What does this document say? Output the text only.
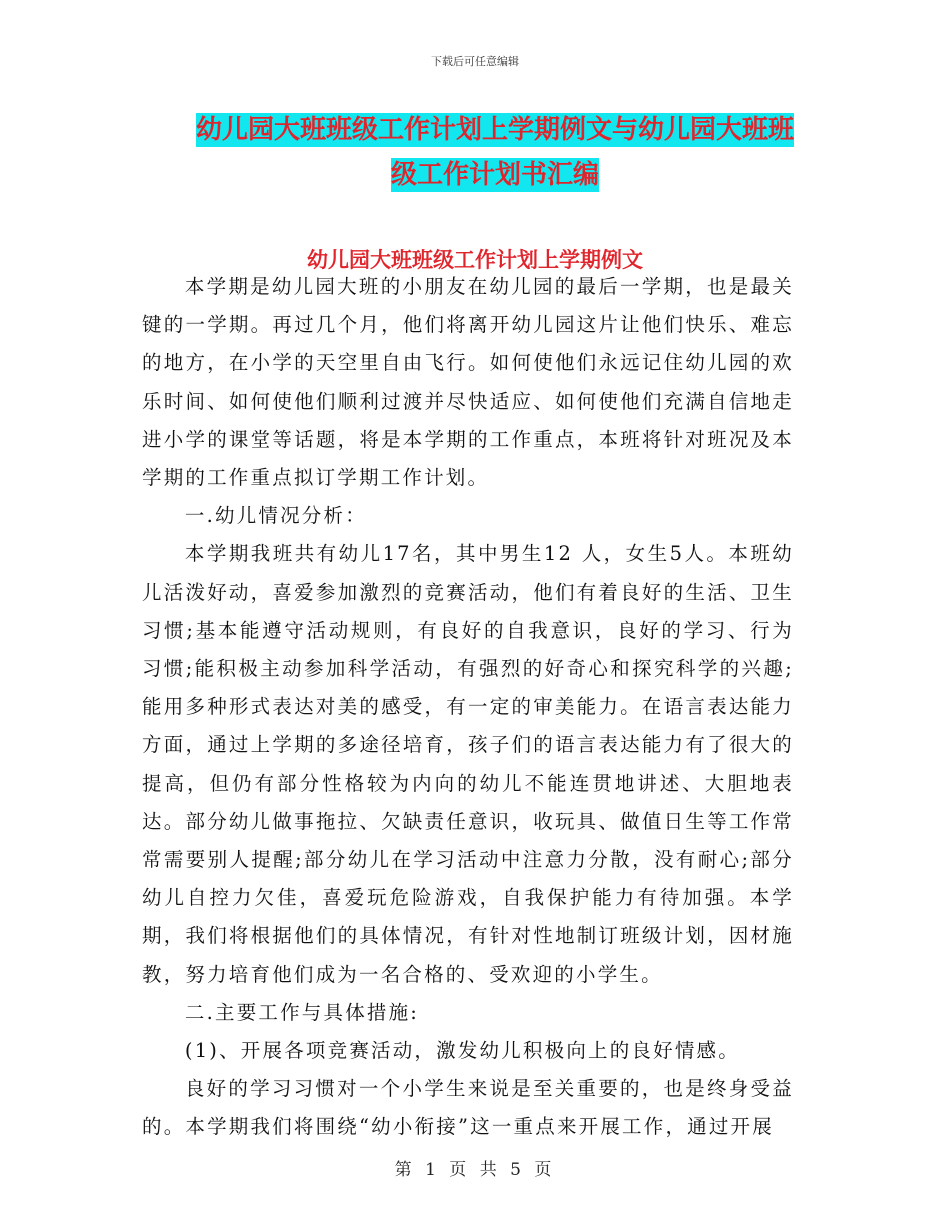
下载后可任意编辑
幼儿园大班班级工作计划上学期例文与幼儿园大班班
级工作计划书汇编
幼儿园大班班级工作计划上学期例文

本学期是幼儿园大班的小朋友在幼儿园的最后一学期，也是最关键的一学期。再过几个月，他们将离开幼儿园这片让他们快乐、难忘的地方，在小学的天空里自由飞行。如何使他们永远记住幼儿园的欢乐时间、如何使他们顺利过渡并尽快适应、如何使他们充满自信地走进小学的课堂等话题，将是本学期的工作重点，本班将针对班况及本学期的工作重点拟订学期工作计划。

一.幼儿情况分析：

本学期我班共有幼儿17名，其中男生12 人，女生5人。本班幼儿活泼好动，喜爱参加激烈的竞赛活动，他们有着良好的生活、卫生习惯;基本能遵守活动规则，有良好的自我意识，良好的学习、行为习惯;能积极主动参加科学活动，有强烈的好奇心和探究科学的兴趣;能用多种形式表达对美的感受，有一定的审美能力。在语言表达能力方面，通过上学期的多途径培育，孩子们的语言表达能力有了很大的提高，但仍有部分性格较为内向的幼儿不能连贯地讲述、大胆地表达。部分幼儿做事拖拉、欠缺责任意识，收玩具、做值日生等工作常常需要别人提醒;部分幼儿在学习活动中注意力分散，没有耐心;部分幼儿自控力欠佳，喜爱玩危险游戏，自我保护能力有待加强。本学期，我们将根据他们的具体情况，有针对性地制订班级计划，因材施教，努力培育他们成为一名合格的、受欢迎的小学生。

二.主要工作与具体措施:

(1)、开展各项竞赛活动，激发幼儿积极向上的良好情感。

良好的学习习惯对一个小学生来说是至关重要的，也是终身受益的。本学期我们将围绕“幼小衔接”这一重点来开展工作，通过开展

第 1 页 共 5 页
